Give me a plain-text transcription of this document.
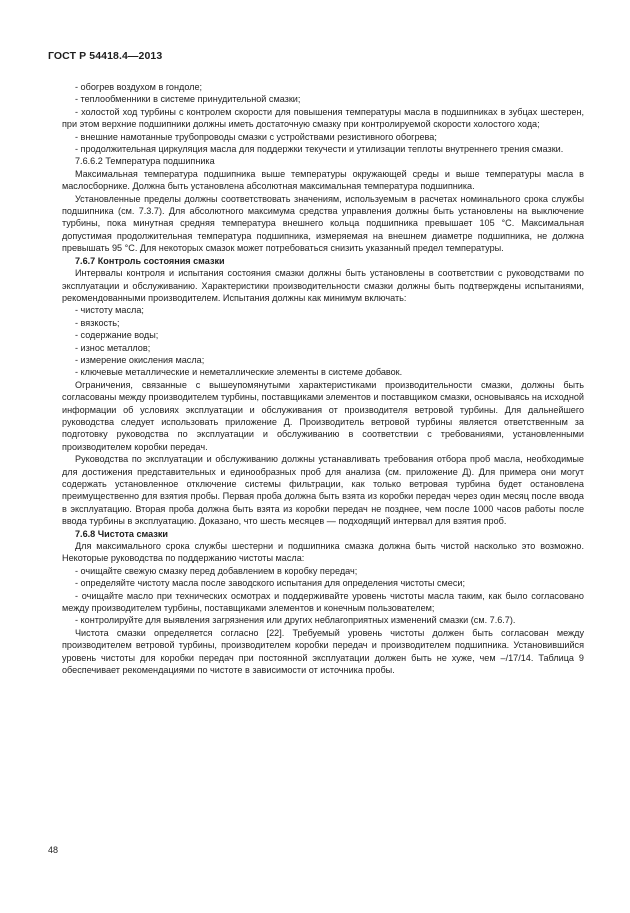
ГОСТ Р 54418.4—2013

- обогрев воздухом в гондоле;

- теплообменники в системе принудительной смазки;

- холостой ход турбины с контролем скорости для повышения температуры масла в подшипниках в зубцах шестерен, при этом верхние подшипники должны иметь достаточную смазку при контролируемой скорости холостого хода;

- внешние намотанные трубопроводы смазки с устройствами резистивного обогрева;

- продолжительная циркуляция масла для поддержки текучести и утилизации теплоты внутреннего трения смазки.

7.6.6.2 Температура подшипника

Максимальная температура подшипника выше температуры окружающей среды и выше температуры масла в маслосборнике. Должна быть установлена абсолютная максимальная температура подшипника.

Установленные пределы должны соответствовать значениям, используемым в расчетах номинального срока службы подшипника (см. 7.3.7). Для абсолютного максимума средства управления должны быть установлены на выключение турбины, пока минутная средняя температура внешнего кольца подшипника превышает 105 °С. Максимальная допустимая продолжительная температура подшипника, измеряемая на внешнем диаметре подшипника, не должна превышать 95 °С. Для некоторых смазок может потребоваться снизить указанный предел температуры.

7.6.7 Контроль состояния смазки

Интервалы контроля и испытания состояния смазки должны быть установлены в соответствии с руководствами по эксплуатации и обслуживанию. Характеристики производительности смазки должны быть подтверждены испытаниями, рекомендованными производителем. Испытания должны как минимум включать:

- чистоту масла;

- вязкость;

- содержание воды;

- износ металлов;

- измерение окисления масла;

- ключевые металлические и неметаллические элементы в системе добавок.

Ограничения, связанные с вышеупомянутыми характеристиками производительности смазки, должны быть согласованы между производителем турбины, поставщиками элементов и поставщиком смазки, основываясь на исходной информации об условиях эксплуатации и обслуживания от производителя ветровой турбины. Для дальнейшего руководства следует использовать приложение Д. Производитель ветровой турбины является ответственным за подготовку руководства по эксплуатации и обслуживанию в соответствии с требованиями, установленными производителем коробки передач.

Руководства по эксплуатации и обслуживанию должны устанавливать требования отбора проб масла, необходимые для достижения представительных и единообразных проб для анализа (см. приложение Д). Для примера они могут содержать установленное отключение системы фильтрации, как только ветровая турбина будет остановлена преимущественно для взятия пробы. Первая проба должна быть взята из коробки передач через один месяц после ввода в эксплуатацию. Вторая проба должна быть взята из коробки передач не позднее, чем после 1000 часов работы после ввода турбины в эксплуатацию. Доказано, что шесть месяцев — подходящий интервал для взятия проб.

7.6.8 Чистота смазки

Для максимального срока службы шестерни и подшипника смазка должна быть чистой насколько это возможно. Некоторые руководства по поддержанию чистоты масла:

- очищайте свежую смазку перед добавлением в коробку передач;

- определяйте чистоту масла после заводского испытания для определения чистоты смеси;

- очищайте масло при технических осмотрах и поддерживайте уровень чистоты масла таким, как было согласовано между производителем турбины, поставщиками элементов и конечным пользователем;

- контролируйте для выявления загрязнения или других неблагоприятных изменений смазки (см. 7.6.7).

Чистота смазки определяется согласно [22]. Требуемый уровень чистоты должен быть согласован между производителем ветровой турбины, производителем коробки передач и производителем подшипника. Установившийся уровень чистоты для коробки передач при постоянной эксплуатации должен быть не хуже, чем –/17/14. Таблица 9 обеспечивает рекомендациями по чистоте в зависимости от источника пробы.

48
